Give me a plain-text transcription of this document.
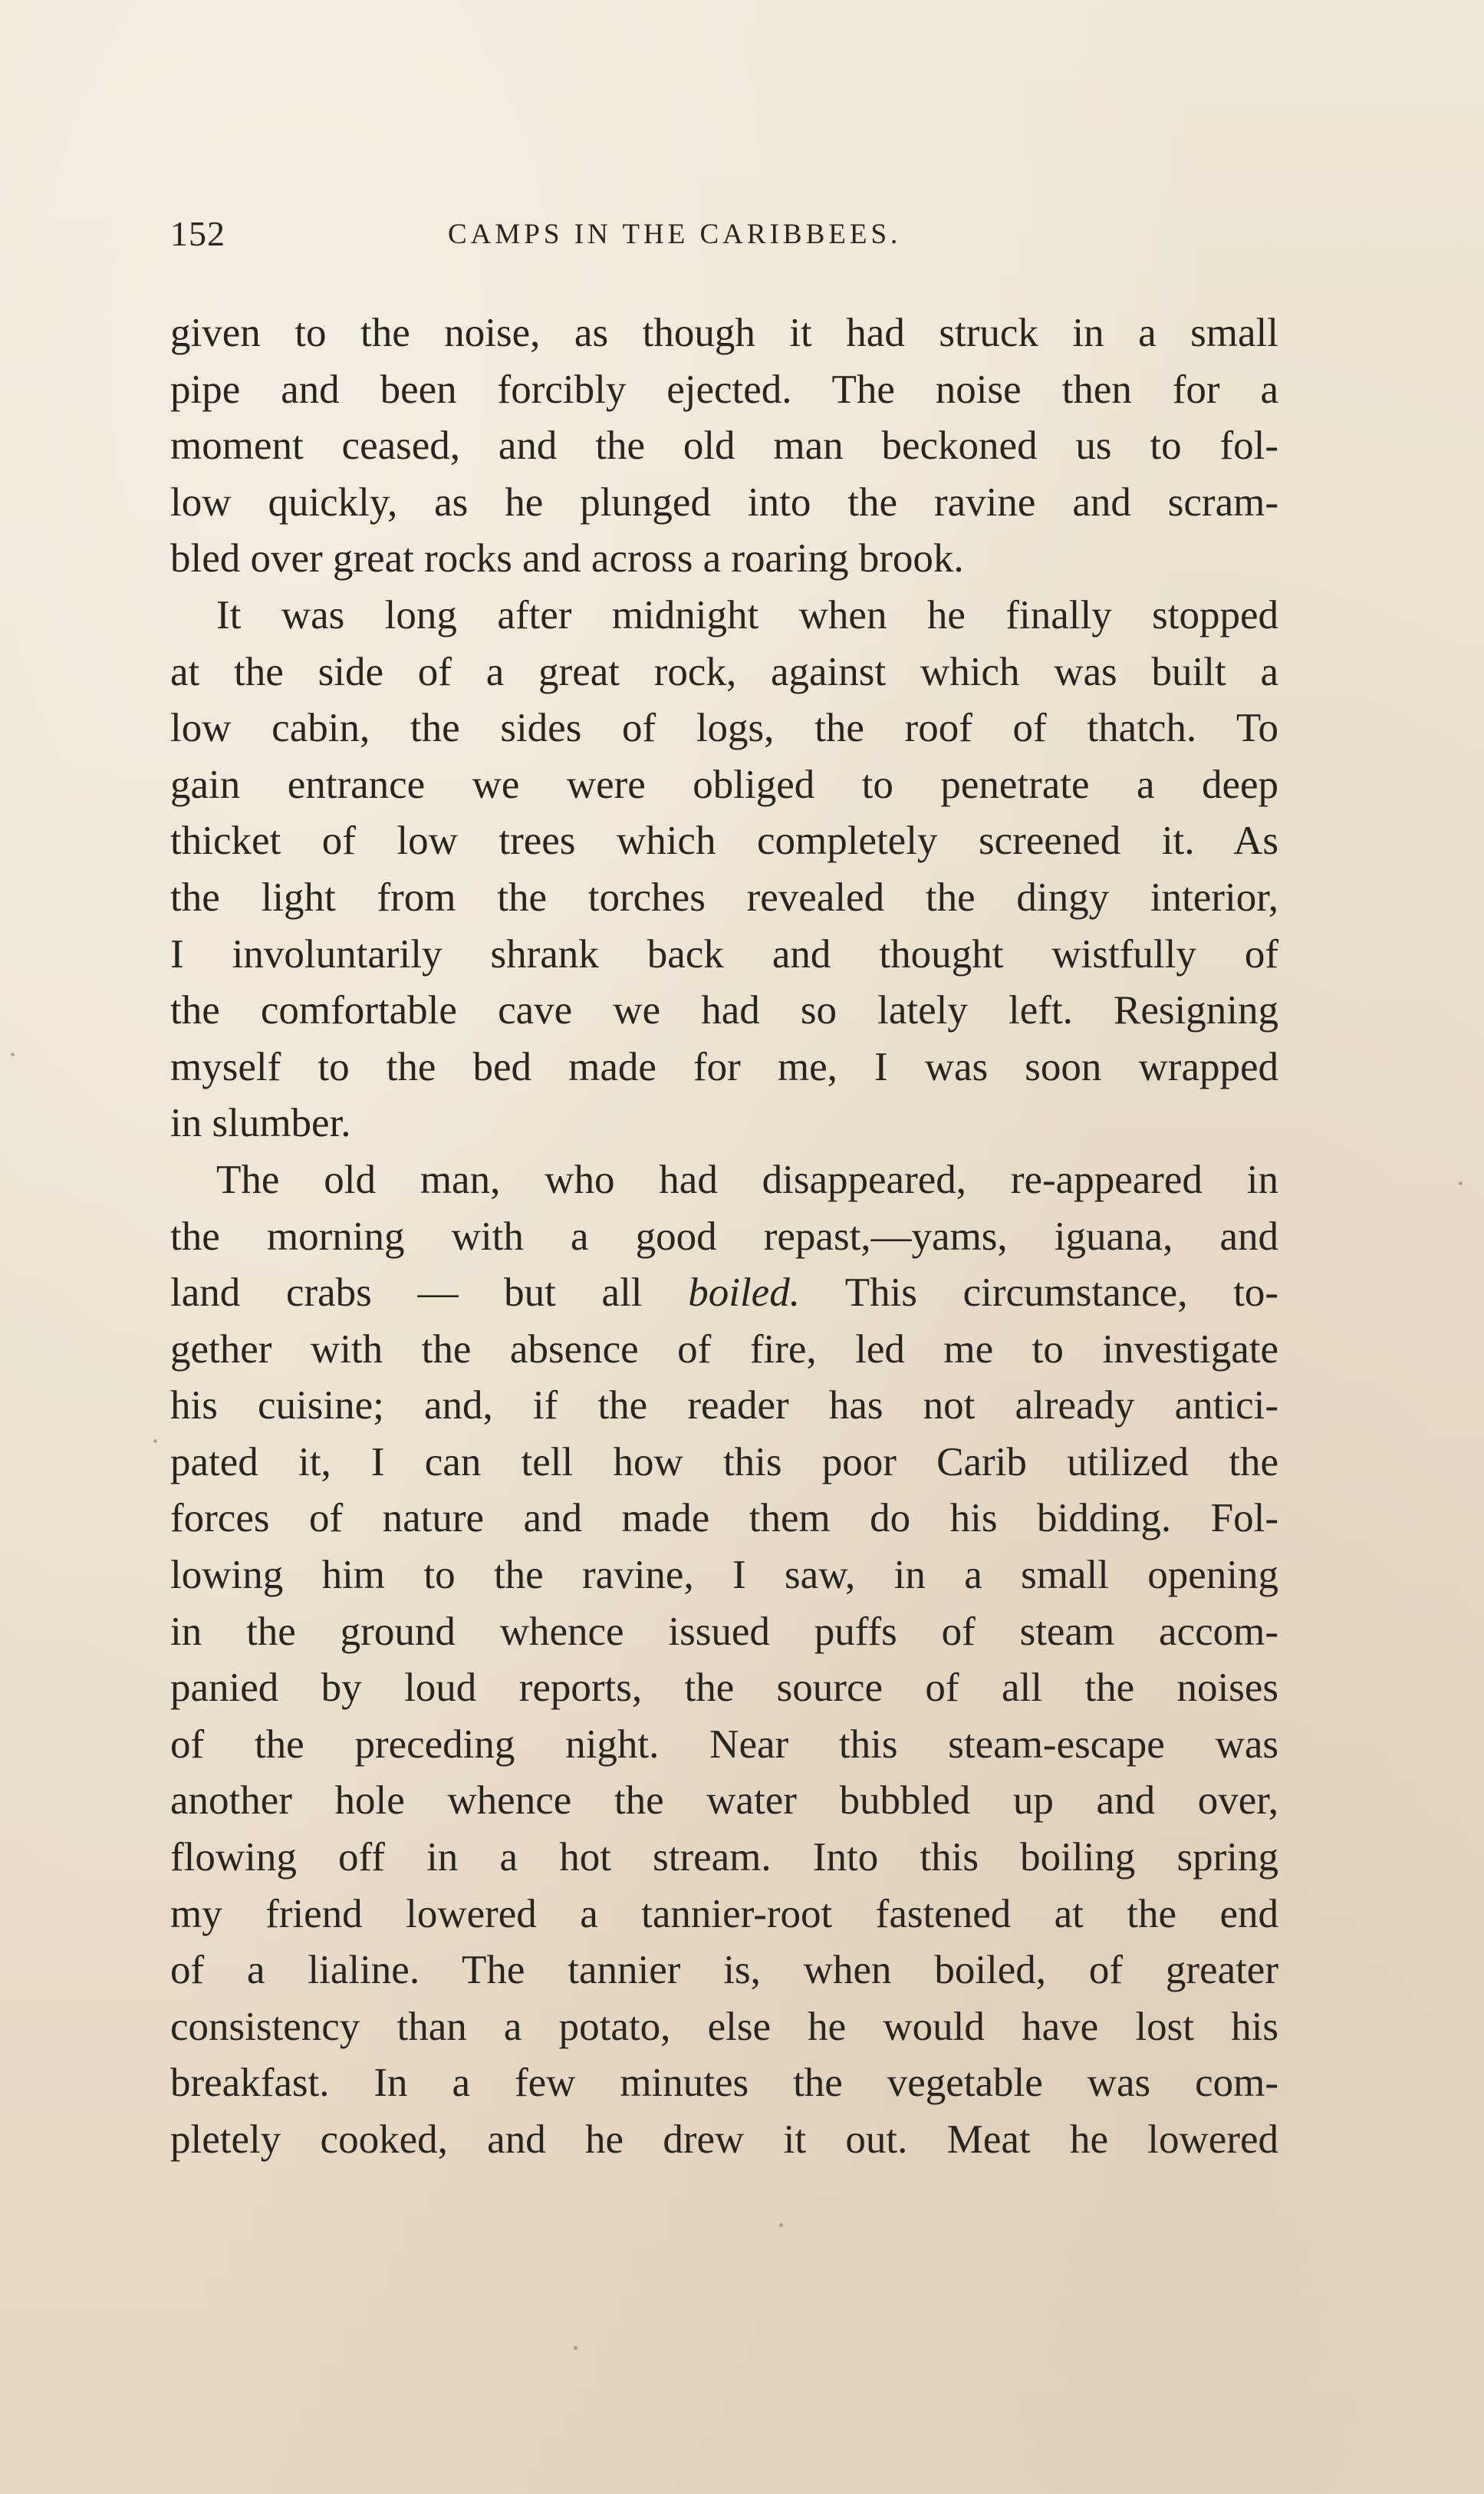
152	CAMPS IN THE CARIBBEES.
given to the noise, as though it had struck in a small
pipe and been forcibly ejected. The noise then for a
moment ceased, and the old man beckoned us to fol-
low quickly, as he plunged into the ravine and scram-
bled over great rocks and across a roaring brook.
It was long after midnight when he finally stopped
at the side of a great rock, against which was built a
low cabin, the sides of logs, the roof of thatch. To
gain entrance we were obliged to penetrate a deep
thicket of low trees which completely screened it. As
the light from the torches revealed the dingy interior,
I involuntarily shrank back and thought wistfully of
the comfortable cave we had so lately left. Resigning
myself to the bed made for me, I was soon wrapped
in slumber.
The old man, who had disappeared, re-appeared in
the morning with a good repast,—yams, iguana, and
land crabs — but all boiled. This circumstance, to-
gether with the absence of fire, led me to investigate
his cuisine; and, if the reader has not already antici-
pated it, I can tell how this poor Carib utilized the
forces of nature and made them do his bidding. Fol-
lowing him to the ravine, I saw, in a small opening
in the ground whence issued puffs of steam accom-
panied by loud reports, the source of all the noises
of the preceding night. Near this steam-escape was
another hole whence the water bubbled up and over,
flowing off in a hot stream. Into this boiling spring
my friend lowered a tannier-root fastened at the end
of a lialine. The tannier is, when boiled, of greater
consistency than a potato, else he would have lost his
breakfast. In a few minutes the vegetable was com-
pletely cooked, and he drew it out. Meat he lowered
